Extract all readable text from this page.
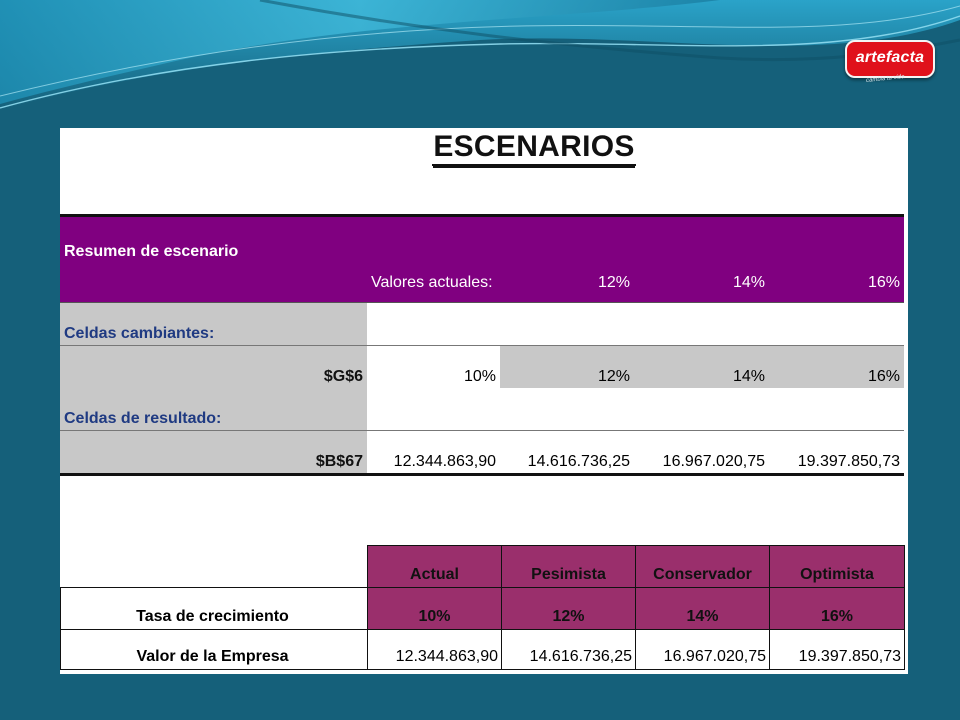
artefacta
cambia tu vida
ESCENARIOS
Resumen de escenario				
	Valores actuales:	12%	14%	16%
Celdas cambiantes:				
$G$6	10%	12%	14%	16%
Celdas de resultado:				
$B$67	12.344.863,90	14.616.736,25	16.967.020,75	19.397.850,73
	Actual	Pesimista	Conservador	Optimista
Tasa de crecimiento	10%	12%	14%	16%
Valor de la Empresa	12.344.863,90	14.616.736,25	16.967.020,75	19.397.850,73
